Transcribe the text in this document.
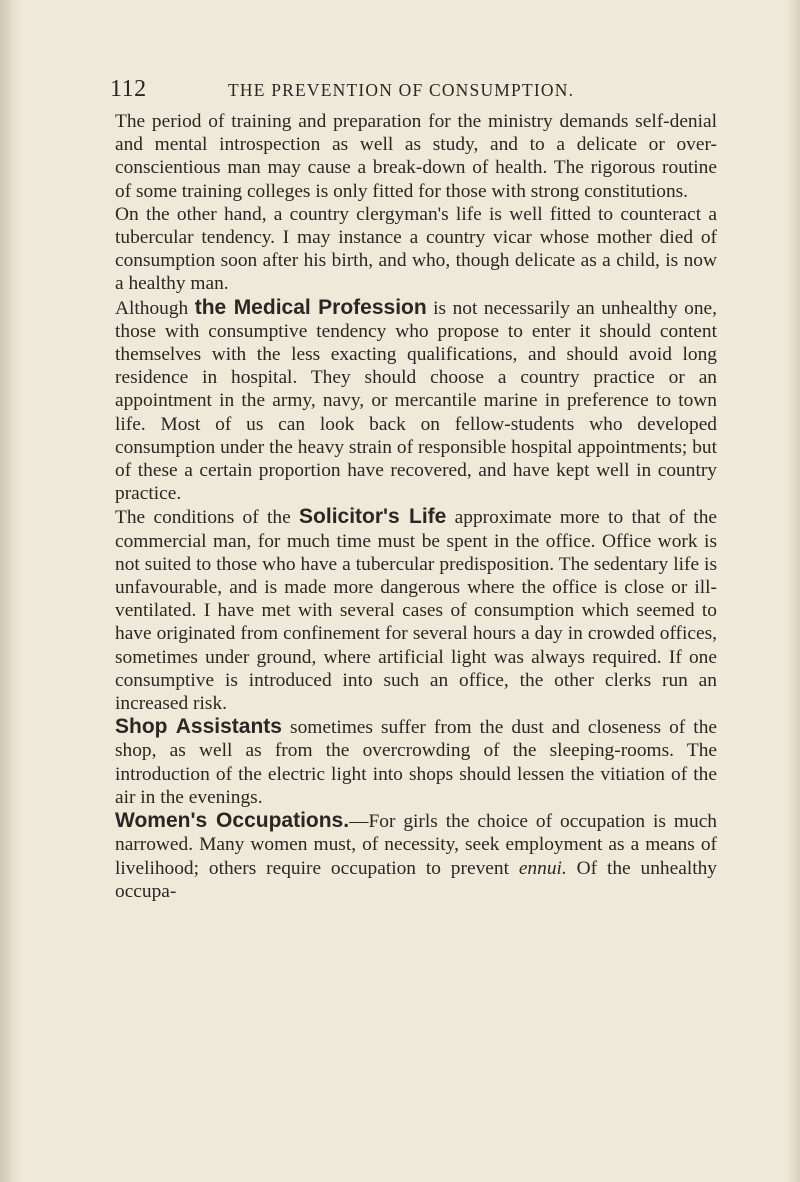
112	THE PREVENTION OF CONSUMPTION.

The period of training and preparation for the ministry demands self-denial and mental introspection as well as study, and to a delicate or over-conscientious man may cause a break-down of health. The rigorous routine of some training colleges is only fitted for those with strong constitutions.

On the other hand, a country clergyman's life is well fitted to counteract a tubercular tendency. I may instance a country vicar whose mother died of consumption soon after his birth, and who, though delicate as a child, is now a healthy man.

Although the Medical Profession is not necessarily an unhealthy one, those with consumptive tendency who propose to enter it should content themselves with the less exacting qualifications, and should avoid long residence in hospital. They should choose a country practice or an appointment in the army, navy, or mercantile marine in preference to town life. Most of us can look back on fellow-students who developed consumption under the heavy strain of responsible hospital appointments; but of these a certain proportion have recovered, and have kept well in country practice.

The conditions of the Solicitor's Life approximate more to that of the commercial man, for much time must be spent in the office. Office work is not suited to those who have a tubercular predisposition. The sedentary life is unfavourable, and is made more dangerous where the office is close or ill-ventilated. I have met with several cases of consumption which seemed to have originated from confinement for several hours a day in crowded offices, sometimes under ground, where artificial light was always required. If one consumptive is introduced into such an office, the other clerks run an increased risk.

Shop Assistants sometimes suffer from the dust and closeness of the shop, as well as from the overcrowding of the sleeping-rooms. The introduction of the electric light into shops should lessen the vitiation of the air in the evenings.

Women's Occupations.—For girls the choice of occupation is much narrowed. Many women must, of necessity, seek employment as a means of livelihood; others require occupation to prevent ennui. Of the unhealthy occupa-
